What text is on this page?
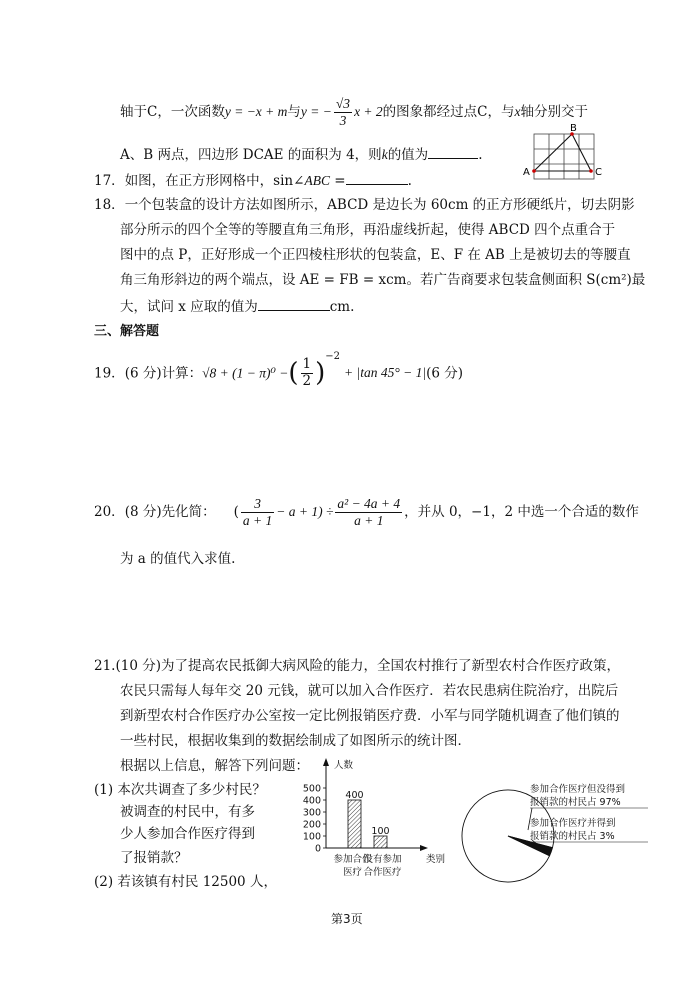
轴于C，一次函数y = −x + m与y = − $\frac{√3}{3}$ x + 2的图象都经过点C，与x轴分别交于
A、B 两点，四边形 DCAE 的面积为 4，则k的值为	.
A
B
C
17．如图，在正方形网格中，sin∠ABC =	.
18．一个包装盒的设计方法如图所示，ABCD 是边长为 60cm 的正方形硬纸片，切去阴影
部分所示的四个全等的等腰直角三角形，再沿虚线折起，使得 ABCD 四个点重合于
图中的点 P，正好形成一个正四棱柱形状的包装盒，E、F 在 AB 上是被切去的等腰直
角三角形斜边的两个端点，设 AE = FB = xcm。若广告商要求包装盒侧面积 S(cm²)最
大，试问 x 应取的值为	cm.
三、解答题
19．(6 分)计算：√8 + (1 − π)⁰ −( $\frac{1}{2} )^{-2}+ |\tan$ 45° − 1|(6 分)
20．(8 分)先化简： ( $\frac{3}{a + 1} - a + 1) \div \frac{\text{a² − 4a + 4}}{a + 1}$ ，并从 0，−1，2 中选一个合适的数作
为 a 的值代入求值.
21.(10 分)为了提高农民抵御大病风险的能力，全国农村推行了新型农村合作医疗政策，
农民只需每人每年交 20 元钱，就可以加入合作医疗．若农民患病住院治疗，出院后
到新型农村合作医疗办公室按一定比例报销医疗费．小军与同学随机调查了他们镇的
一些村民，根据收集到的数据绘制成了如图所示的统计图．
根据以上信息，解答下列问题：
(1) 本次共调查了多少村民？
被调查的村民中，有多
少人参加合作医疗得到
了报销款？
(2) 若该镇有村民 12500 人，
人数
类别
500
400
300
200
100
0
400
100
参加合作医疗
没有参加合作医疗
参加合作医疗但没得到
报销款的村民占 97%
参加合作医疗并得到
报销款的村民占 3%
第3页
